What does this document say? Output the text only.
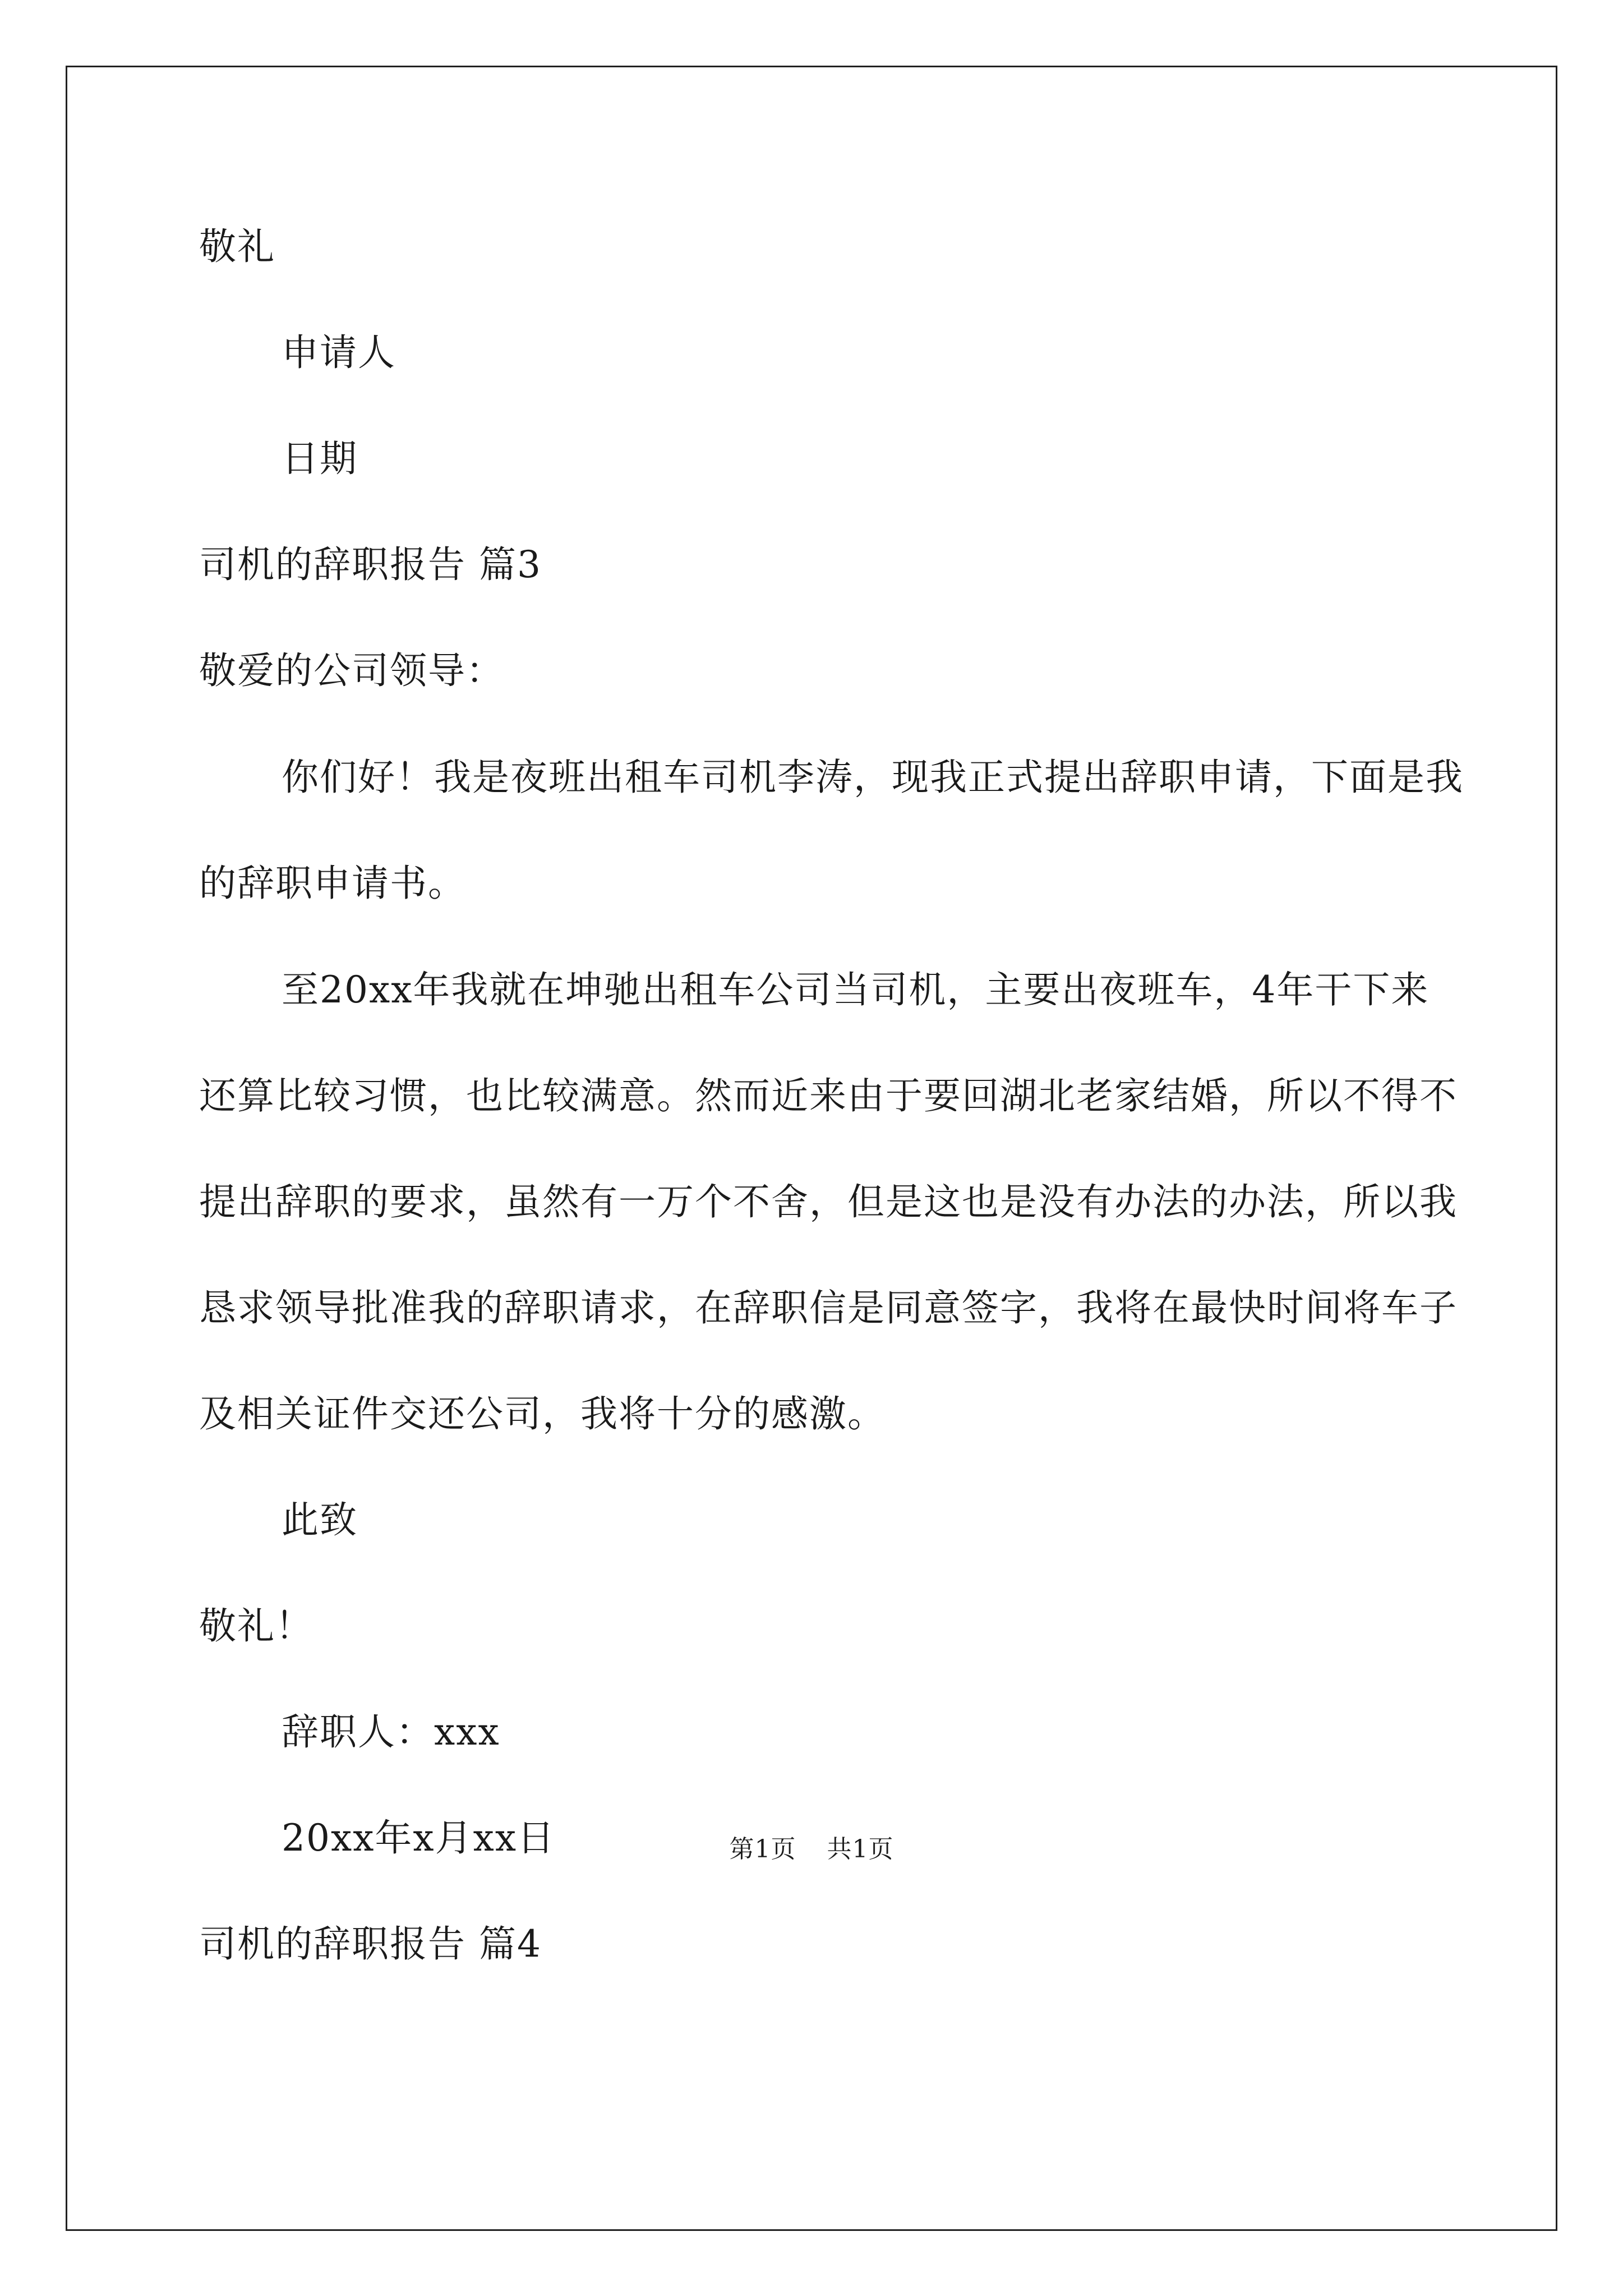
敬礼
申请人
日期
司机的辞职报告 篇3
敬爱的公司领导：
你们好！我是夜班出租车司机李涛，现我正式提出辞职申请，下面是我的辞职申请书。
至20xx年我就在坤驰出租车公司当司机，主要出夜班车，4年干下来还算比较习惯，也比较满意。然而近来由于要回湖北老家结婚，所以不得不提出辞职的要求，虽然有一万个不舍，但是这也是没有办法的办法，所以我恳求领导批准我的辞职请求，在辞职信是同意签字，我将在最快时间将车子及相关证件交还公司，我将十分的感激。
此致
敬礼！
辞职人：xxx
20xx年x月xx日
司机的辞职报告 篇4
第1页 共1页
